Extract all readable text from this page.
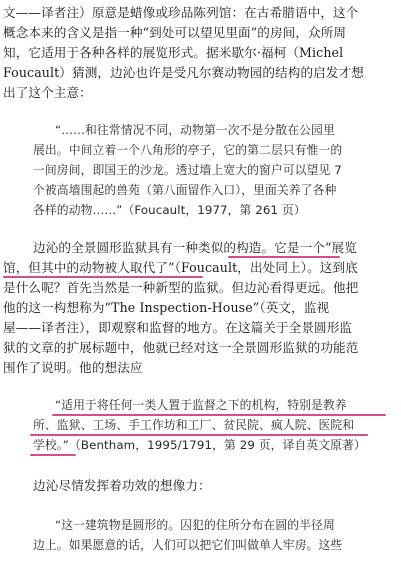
文——译者注）原意是蜡像或珍品陈列馆：在古希腊语中，这个
概念本来的含义是指一种“到处可以望见里面”的房间，众所周
知，它适用于各种各样的展览形式。据米歇尔·福柯（Michel
Foucault）猜测，边沁也许是受凡尔赛动物园的结构的启发才想
出了这个主意：
“……和往常情况不同，动物第一次不是分散在公园里
展出。中间立着一个八角形的亭子，它的第二层只有惟一的
一间房间，即国王的沙龙。透过墙上宽大的窗户可以望见 7
个被高墙围起的兽苑（第八面留作入口），里面关养了各种
各样的动物……”（Foucault，1977，第 261 页）
边沁的全景圆形监狱具有一种类似的构造。它是一个“展览
馆，但其中的动物被人取代了”（Foucault，出处同上）。这到底
是什么呢？首先当然是一种新型的监狱。但边沁看得更远。他把
他的这一构想称为“The Inspection-House”（英文，监视
屋——译者注），即观察和监督的地方。在这篇关于全景圆形监
狱的文章的扩展标题中，他就已经对这一全景圆形监狱的功能范
围作了说明。他的想法应
“适用于将任何一类人置于监督之下的机构，特别是教养
所、监狱、工场、手工作坊和工厂、贫民院、疯人院、医院和
学校。”（Bentham，1995/1791，第 29 页，译自英文原著）
边沁尽情发挥着功效的想像力：
“这一建筑物是圆形的。囚犯的住所分布在圆的半径周
边上。如果愿意的话，人们可以把它们叫做单人牢房。这些
